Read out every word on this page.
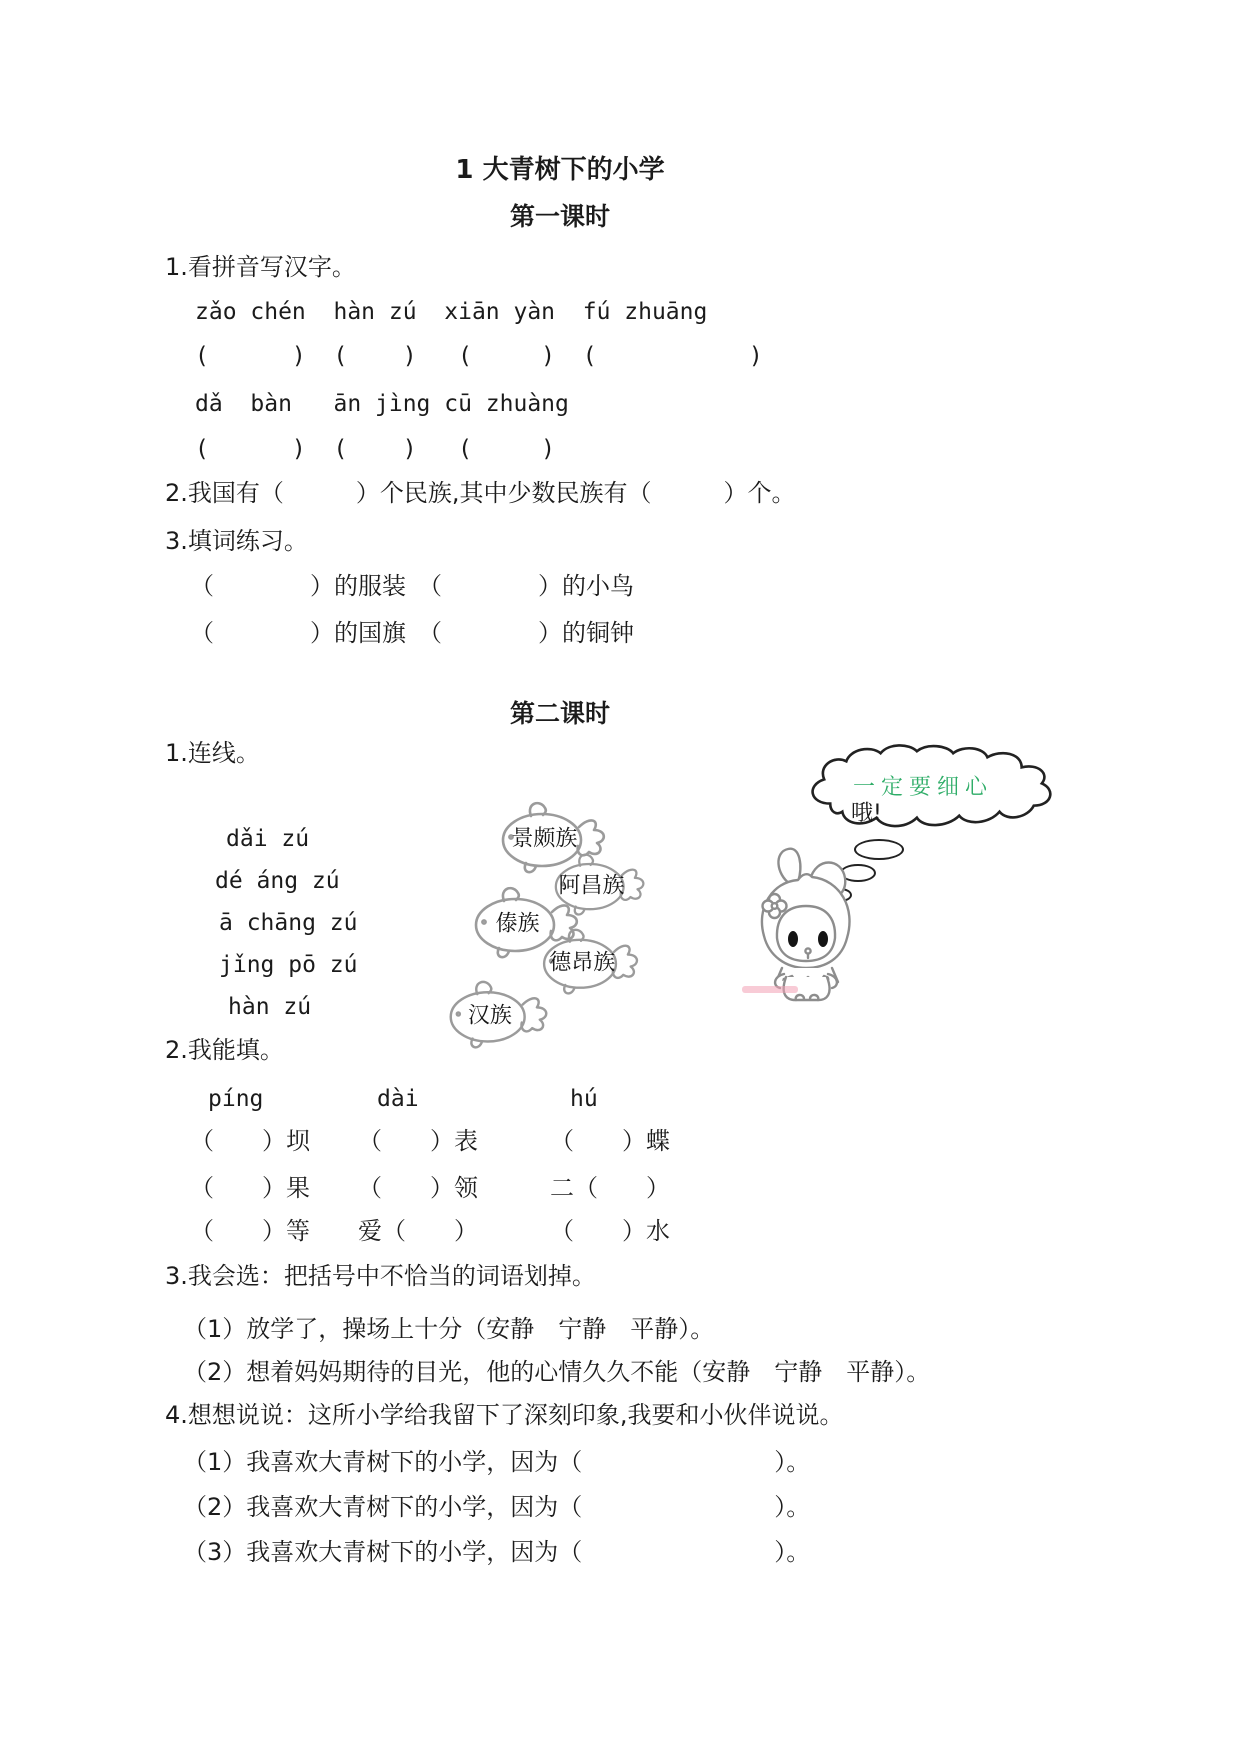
1 大青树下的小学
第一课时
1.看拼音写汉字。
zǎo chén  hàn zú  xiān yàn  fú zhuāng
(      )  (    )   (     )  (           )
dǎ  bàn   ān jìng cū zhuàng
(      )  (    )   (     )
2.我国有（　　　）个民族,其中少数民族有（　　　）个。
3.填词练习。
（　　　　）的服装　（　　　　）的小鸟
（　　　　）的国旗　（　　　　）的铜钟
第二课时
1.连线。
dǎi zú
dé áng zú
ā chāng zú
jǐng pō zú
hàn zú
景颇族
阿昌族
傣族
德昂族
汉族
一定要细心
哦!
2.我能填。
píng	dài	hú
（　　）坝 （　　）表	（　　）蝶
（　　）果 （　　）领	二（　　）
（　　）等 爱（　　）	（　　）水
3.我会选：把括号中不恰当的词语划掉。
（1）放学了，操场上十分（安静　宁静　平静）。
（2）想着妈妈期待的目光，他的心情久久不能（安静　宁静　平静）。
4.想想说说：这所小学给我留下了深刻印象,我要和小伙伴说说。
（1）我喜欢大青树下的小学，因为（　　　　　　　　）。
（2）我喜欢大青树下的小学，因为（　　　　　　　　）。
（3）我喜欢大青树下的小学，因为（　　　　　　　　）。
